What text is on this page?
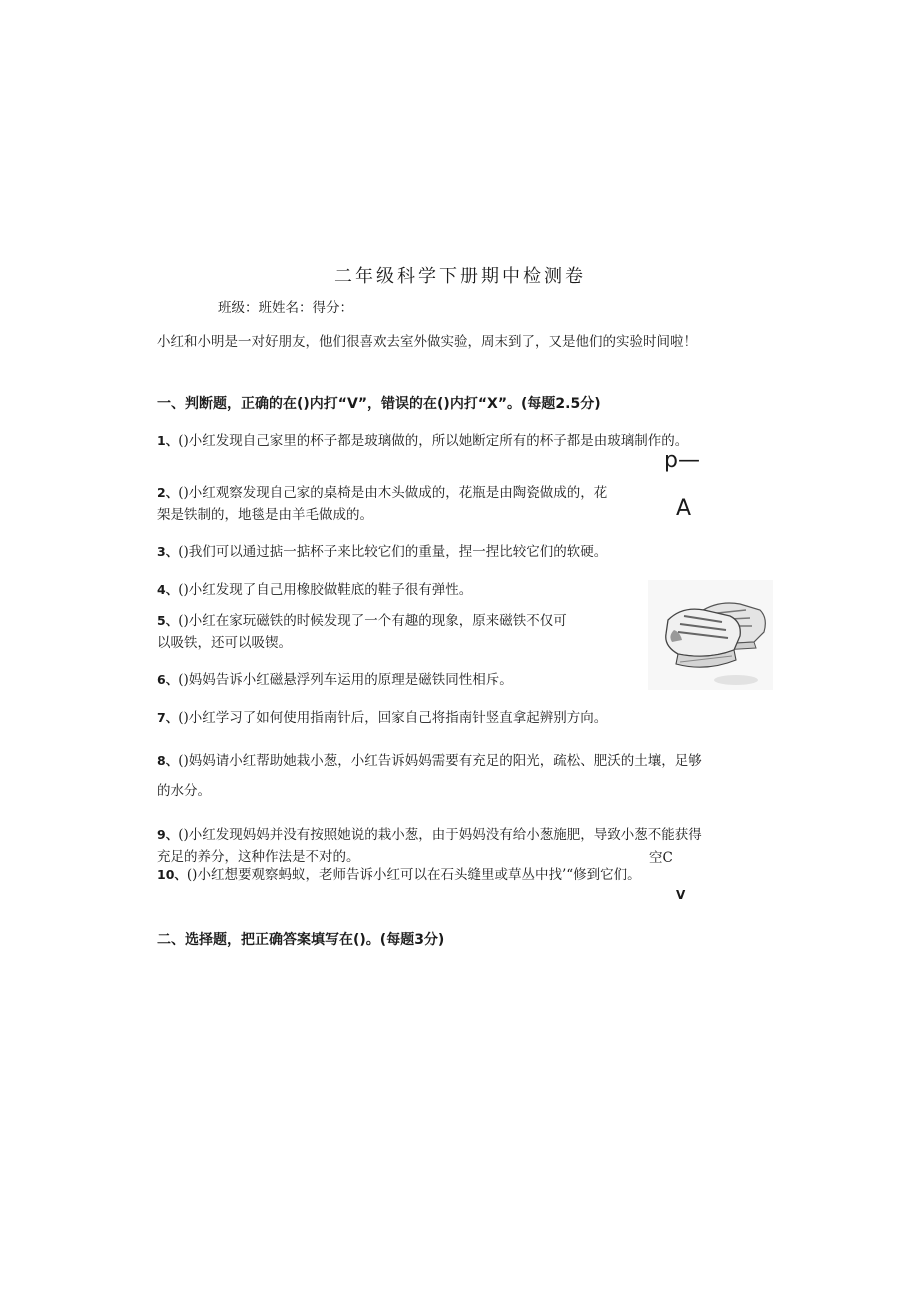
二年级科学下册期中检测卷
班级：班姓名：得分：
小红和小明是一对好朋友，他们很喜欢去室外做实验，周末到了，又是他们的实验时间啦！
一、判断题，正确的在()内打“V”，错误的在()内打“X”。(每题2.5分)
1、()小红发现自己家里的杯子都是玻璃做的，所以她断定所有的杯子都是由玻璃制作的。
2、()小红观察发现自己家的桌椅是由木头做成的，花瓶是由陶瓷做成的，花架是铁制的，地毯是由羊毛做成的。
3、()我们可以通过掂一掂杯子来比较它们的重量，捏一捏比较它们的软硬。
4、()小红发现了自己用橡胶做鞋底的鞋子很有弹性。
5、()小红在家玩磁铁的时候发现了一个有趣的现象，原来磁铁不仅可以吸铁，还可以吸锲。
6、()妈妈告诉小红磁悬浮列车运用的原理是磁铁同性相斥。
7、()小红学习了如何使用指南针后，回家自己将指南针竖直拿起辨别方向。
8、()妈妈请小红帮助她栽小葱，小红告诉妈妈需要有充足的阳光，疏松、肥沃的土壤，足够的水分。
9、()小红发现妈妈并没有按照她说的栽小葱，由于妈妈没有给小葱施肥，导致小葱不能获得充足的养分，这种作法是不对的。
10、()小红想要观察蚂蚁，老师告诉小红可以在石头缝里或草丛中找’“修到它们。
二、选择题，把正确答案填写在()。(每题3分)
p—
A
空C
V
